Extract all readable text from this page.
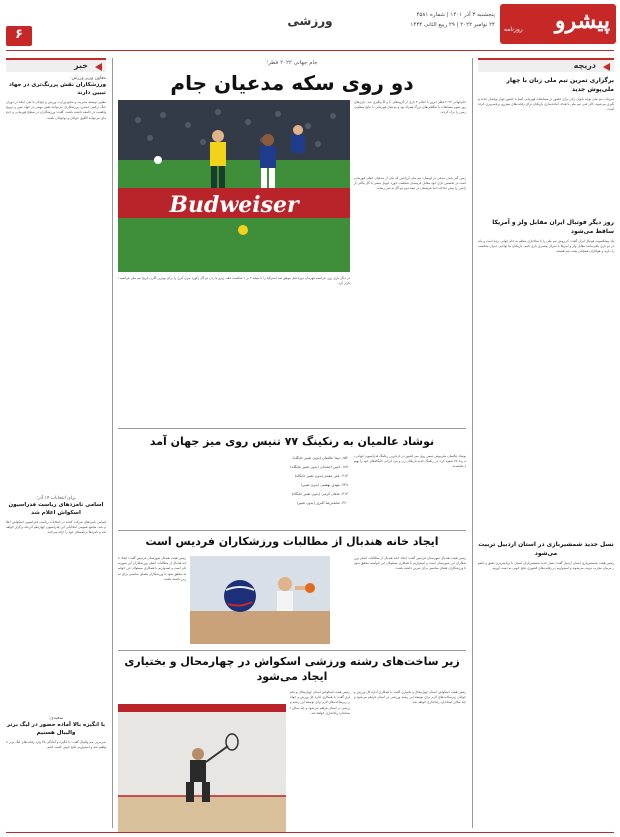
۶
ورزشی	پیشرو
روزنامه
پنجشنبه ۳ آذر ۱۴۰۱ | شماره ۴۵۸۱
۲۴ نوامبر ۲۰۲۲ | ۲۹ ربیع الثانی ۱۴۴۴
دریچه
برگزاری تمرین تیم ملی زنان با چهار ملی‌پوش جدید
تمرینات تیم ملی بوچه بانوان زنان برای حضور در مسابقات قهرمانی آسیا با حضور چهار بوچه‌باز جدید پیگیری می‌شود. کادر فنی تیم ملی با هدف آماده‌سازی بازیکنان برای رقابت‌های پیش‌رو برنامه‌ریزی کرده است.
روز دیگر فوتبال ایران مقابل ولز و آمریکا ساقط می‌شود
یک پیشکسوت فوتبال ایران گفت: کی‌روش تیم ملی را با ساختاری منظم به جام جهانی برده است و باید در دو بازی باقی‌مانده مقابل ولز و آمریکا با تمرکز بیشتری بازی کنیم. بازیکنان ما توانایی جبران شکست را دارند و هواداران همچنان پشت تیم هستند.
نسل جدید شمشیربازی در استان اردبیل تربیت می‌شود
رئیس هیئت شمشیربازی استان اردبیل گفت: نسل جدید شمشیربازان استان با برنامه‌ریزی دقیق و حضور مربیان مجرب تربیت می‌شوند و امیدواریم در رقابت‌های کشوری نتایج خوبی به دست آوریم.
خبر
معاون وزیر ورزش:
ورزشکاران نقش پررنگ‌تری در جهاد تبیین دارند
معاون توسعه مدیریت و منابع وزارت ورزش و جوانان با بیان اینکه در دوران جنگ ترکیبی دشمن، ورزشکاران می‌توانند نقش مهمی در جهاد تبیین و ترویج واقعیت در جامعه داشته باشند، گفت: ورزشکاران در سطح قهرمانی و حرفه‌ای می‌توانند الگوی جوانان و نوجوانان باشند.
برای انتخابات ۱۴ آذر؛
اسامی نامزدهای ریاست فدراسیون اسکواش اعلام شد
اسامی نامزدهای شرکت کننده در انتخابات ریاست فدراسیون اسکواش اعلام شد. مجمع عمومی انتخاباتی این فدراسیون چهاردهم آذرماه برگزار خواهد شد و نامزدها برنامه‌های خود را ارائه می‌کنند.
سعیدی:
با انگیزه بالا آماده حضور در لیگ برتر والیبال هستیم
سرمربی تیم والیبال گفت: با انگیزه و آمادگی بالا وارد رقابت‌های لیگ برتر خواهیم شد و امیدواریم نتایج خوبی کسب کنیم.
جام جهانی ۲۰۲۲ قطر؛
دو روی سکه مدعیان جام
Budweiser
جام‌جهانی ۲۰۲۲ قطر دیروز با انجام ۴ بازی از گروه‌های C و D پیگیری شد. بازی‌های روز سوم مسابقات با شگفتی‌های بزرگ همراه بود و مدعیان قهرمانی با نتایج متفاوتی زمین را ترک کردند.
زمین گیر شدن مدعی در لوسیل؛ تیم ملی آرژانتین که یکی از مدعیان اصلی قهرمانی است در نخستین بازی خود مقابل عربستان شکست خورد. لیونل مسی با گل پنالتی آرژانتین را پیش انداخت اما عربستان در نیمه دوم دو گل به ثمر رساند.
در دیگر بازی روز، فرانسه قهرمان دوره قبل موفق شد استرالیا را با نتیجه ۴ بر ۱ شکست دهد. ژیرو با زدن دو گل رکورد تیری آنری را برای بهترین گلزن تاریخ تیم ملی فرانسه تکرار کرد.
نوشاد عالمیان به رنکینگ ۷۷ تنیس روی میز جهان آمد
نوشاد عالمیان ملی‌پوش تنیس روی میز کشور در تازه‌ترین رنکینگ فدراسیون جهانی به رده ۷۷ صعود کرد. در رنکینگ جدید بازیکنان زن و مرد ایرانی جایگاه‌های خود را بهبود بخشیدند.
۱۵۲- نیما عالمیان (بدون تغییر جایگاه)
۱۸۷- امین احمدیان (بدون تغییر جایگاه)
۲۱۳- علی مقدم (بدون تغییر جایگاه)
۲۴۸- مهدی بهشتی (بدون تغییر)
۳۱۴- ماهان کرمی (بدون تغییر جایگاه)
۳۶۰- محمدرضا اکبری (بدون تغییر)
ایجاد خانه هندبال از مطالبات ورزشکاران فردیس است
رئیس هیئت هندبال شهرستان فردیس گفت: ایجاد خانه هندبال از مطالبات اصلی ورزشکاران این شهرستان است و امیدواریم با همکاری مسئولان این خواسته محقق شود تا ورزشکاران فضای مناسبی برای تمرین داشته باشند.
رئیس هیئت هندبال شهرستان فردیس گفت: ایجاد خانه هندبال از مطالبات اصلی ورزشکاران این شهرستان است و امیدواریم با همکاری مسئولان این خواسته محقق شود تا ورزشکاران فضای مناسبی برای تمرین داشته باشند.
زیر ساخت‌های رشته ورزشی اسکواش در چهارمحال و بختیاری ایجاد می‌شود
رئیس هیئت اسکواش استان چهارمحال و بختیاری گفت: با همکاری اداره کل ورزش و جوانان زیرساخت‌های لازم برای توسعه این رشته ورزشی در استان فراهم می‌شود و چند سالن استاندارد راه‌اندازی خواهد شد.
رئیس هیئت اسکواش استان چهارمحال و بختیاری گفت: با همکاری اداره کل ورزش و جوانان زیرساخت‌های لازم برای توسعه این رشته ورزشی در استان فراهم می‌شود و چند سالن استاندارد راه‌اندازی خواهد شد.
